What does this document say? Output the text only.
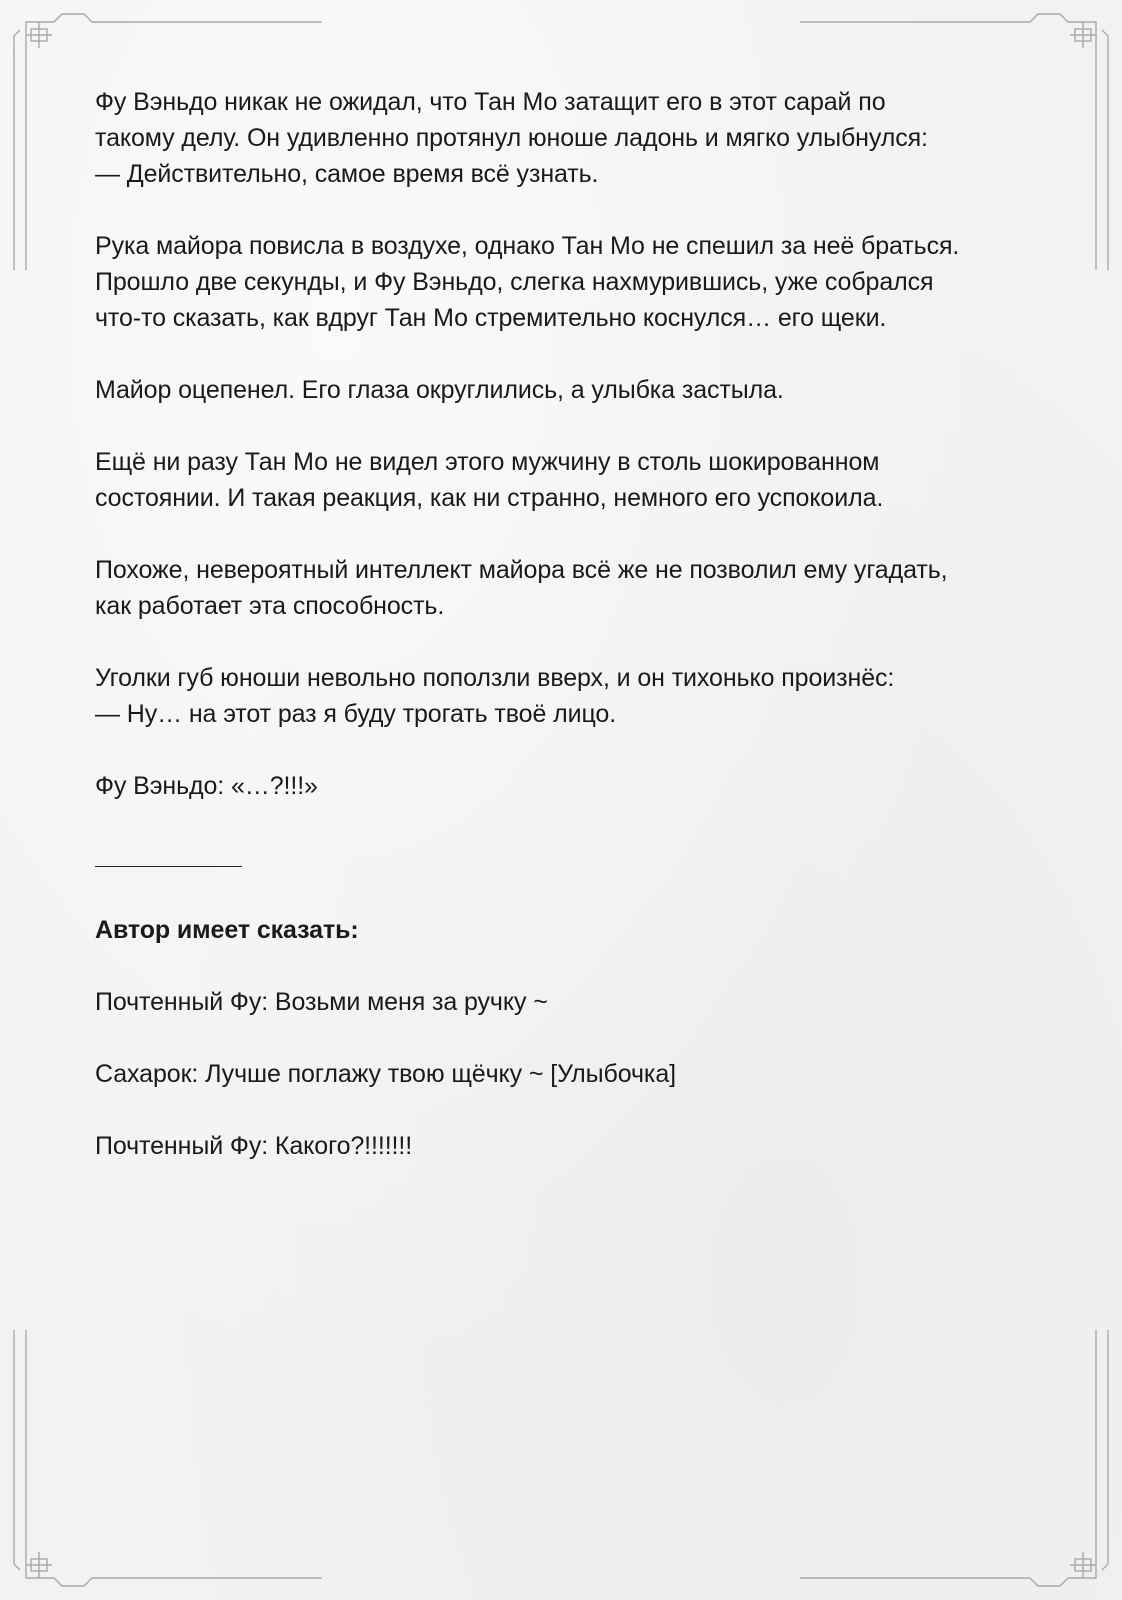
Фу Вэньдо никак не ожидал, что Тан Мо затащит его в этот сарай по
такому делу. Он удивленно протянул юноше ладонь и мягко улыбнулся:
— Действительно, самое время всё узнать.
Рука майора повисла в воздухе, однако Тан Мо не спешил за неё браться.
Прошло две секунды, и Фу Вэньдо, слегка нахмурившись, уже собрался
что-то сказать, как вдруг Тан Мо стремительно коснулся… его щеки.
Майор оцепенел. Его глаза округлились, а улыбка застыла.
Ещё ни разу Тан Мо не видел этого мужчину в столь шокированном
состоянии. И такая реакция, как ни странно, немного его успокоила.
Похоже, невероятный интеллект майора всё же не позволил ему угадать,
как работает эта способность.
Уголки губ юноши невольно поползли вверх, и он тихонько произнёс:
— Ну… на этот раз я буду трогать твоё лицо.
Фу Вэньдо: «…?!!!»
Автор имеет сказать:
Почтенный Фу: Возьми меня за ручку ~
Сахарок: Лучше поглажу твою щёчку ~ [Улыбочка]
Почтенный Фу: Какого?!!!!!!!
